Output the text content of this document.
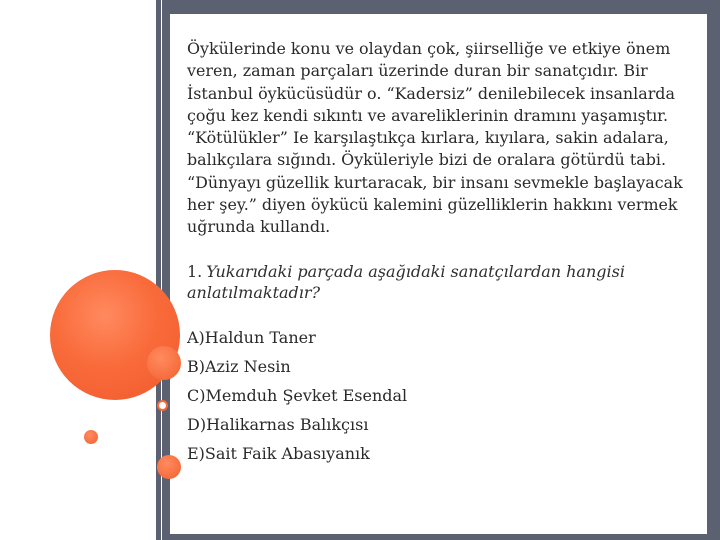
Öykülerinde konu ve olaydan çok, şiirselliğe ve etkiye önem veren, zaman parçaları üzerinde duran bir sanatçıdır. Bir İstanbul öykücüsüdür o. “Kadersiz” denilebilecek insanlarda çoğu kez kendi sıkıntı ve avareliklerinin dramını yaşamıştır. “Kötülükler” Ie karşılaştıkça kırlara, kıyılara, sakin adalara, balıkçılara sığındı. Öyküleriyle bizi de oralara götürdü tabi. “Dünyayı güzellik kurtaracak, bir insanı sevmekle başlayacak her şey.” diyen öykücü kalemini güzelliklerin hakkını vermek uğrunda kullandı.

1. Yukarıdaki parçada aşağıdaki sanatçılardan hangisi anlatılmaktadır?
A)Haldun Taner
B)Aziz Nesin
C)Memduh Şevket Esendal
D)Halikarnas Balıkçısı
E)Sait Faik Abasıyanık
